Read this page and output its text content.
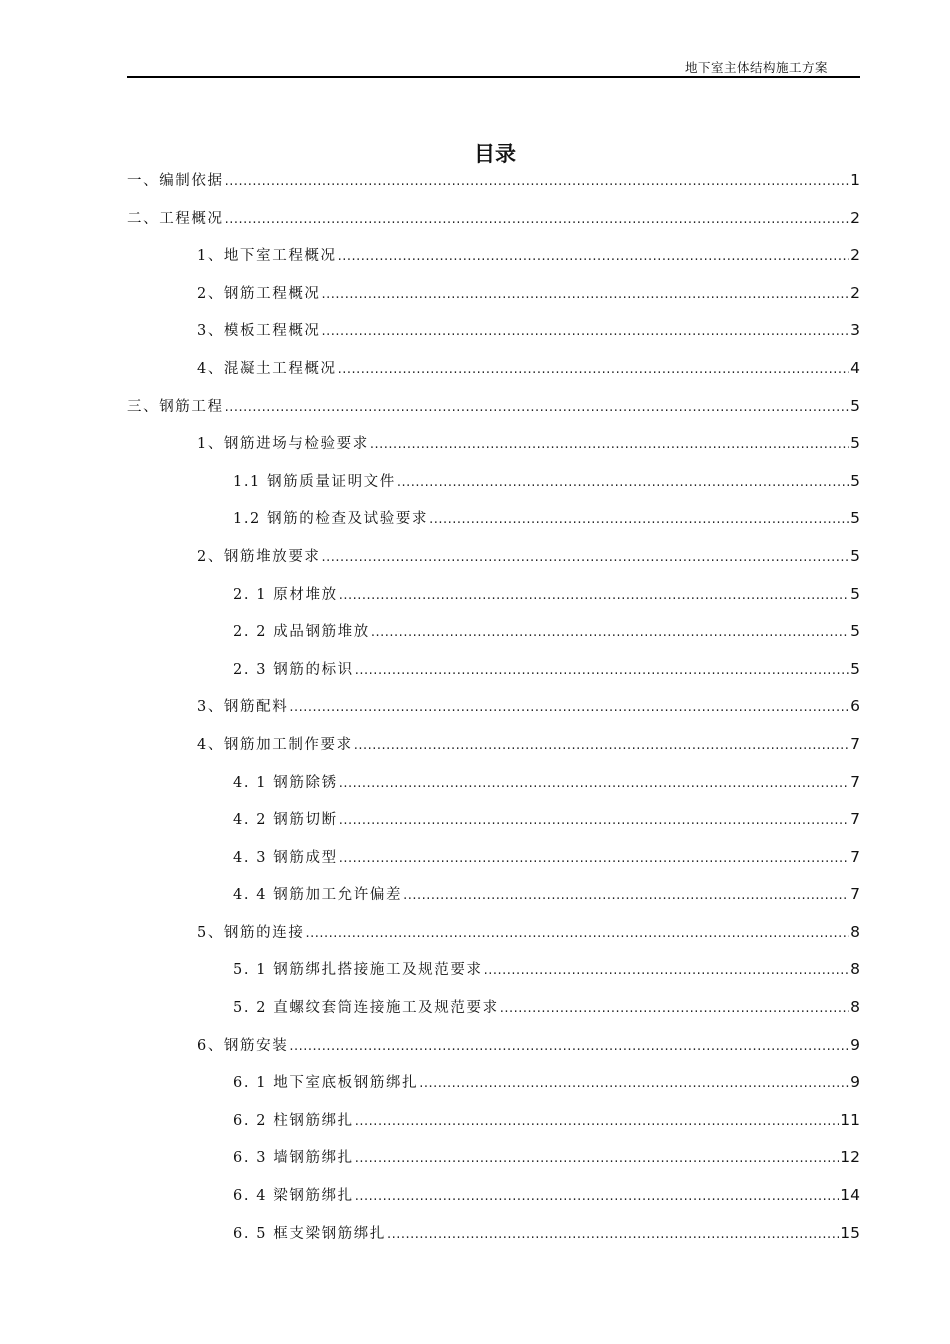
地下室主体结构施工方案
目录
一、编制依据 .....	1
二、工程概况 .....	2
1、地下室工程概况 .....	2
2、钢筋工程概况 .....	2
3、模板工程概况 .....	3
4、混凝土工程概况 .....	4
三、钢筋工程 .....	5
1、钢筋进场与检验要求 .....	5
1.1 钢筋质量证明文件 .....	5
1.2 钢筋的检查及试验要求 .....	5
2、钢筋堆放要求 .....	5
2. 1 原材堆放 .....	5
2. 2 成品钢筋堆放 .....	5
2. 3 钢筋的标识 .....	5
3、钢筋配料 .....	6
4、钢筋加工制作要求 .....	7
4. 1 钢筋除锈 .....	7
4. 2 钢筋切断 .....	7
4. 3 钢筋成型 .....	7
4. 4 钢筋加工允许偏差 .....	7
5、钢筋的连接 .....	8
5. 1 钢筋绑扎搭接施工及规范要求 .....	8
5. 2 直螺纹套筒连接施工及规范要求 .....	8
6、钢筋安装 .....	9
6. 1 地下室底板钢筋绑扎 .....	9
6. 2 柱钢筋绑扎 .....	11
6. 3 墙钢筋绑扎 .....	12
6. 4 梁钢筋绑扎 .....	14
6. 5 框支梁钢筋绑扎 .....	15
